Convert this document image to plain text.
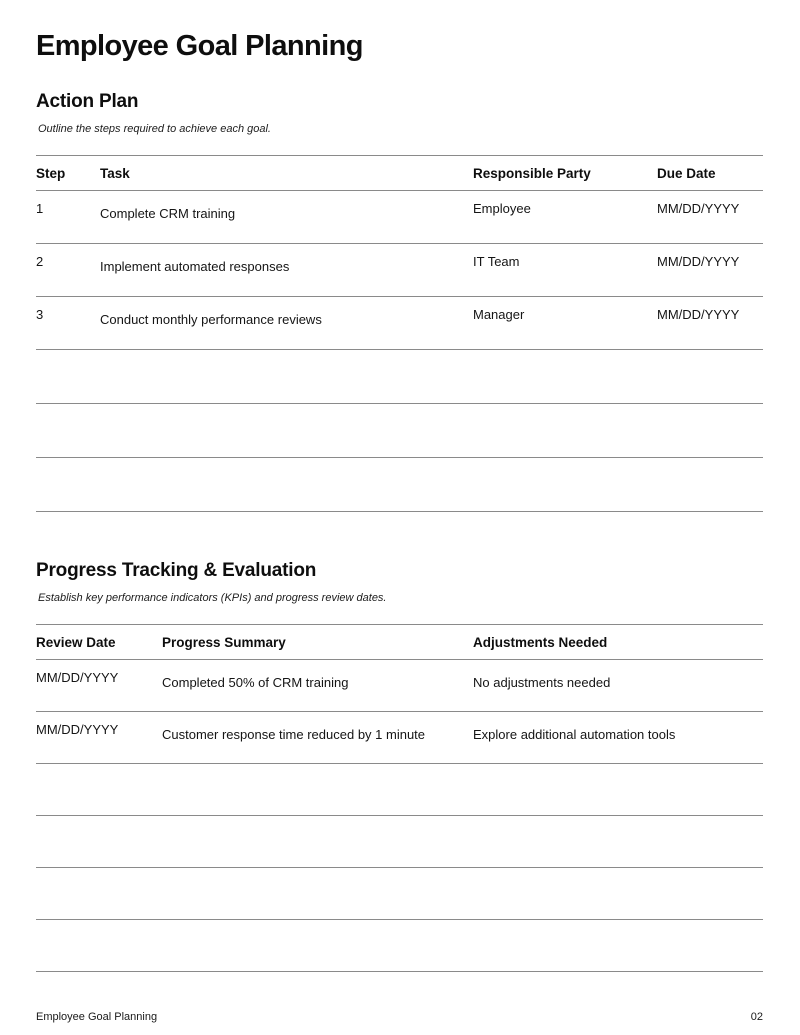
Employee Goal Planning
Action Plan

Outline the steps required to achieve each goal.

Step	Task	Responsible Party	Due Date
1	Complete CRM training	Employee	MM/DD/YYYY
2	Implement automated responses	IT Team	MM/DD/YYYY
3	Conduct monthly performance reviews	Manager	MM/DD/YYYY
Progress Tracking & Evaluation

Establish key performance indicators (KPIs) and progress review dates.

Review Date	Progress Summary	Adjustments Needed
MM/DD/YYYY	Completed 50% of CRM training	No adjustments needed
MM/DD/YYYY	Customer response time reduced by 1 minute	Explore additional automation tools
Employee Goal Planning	02
